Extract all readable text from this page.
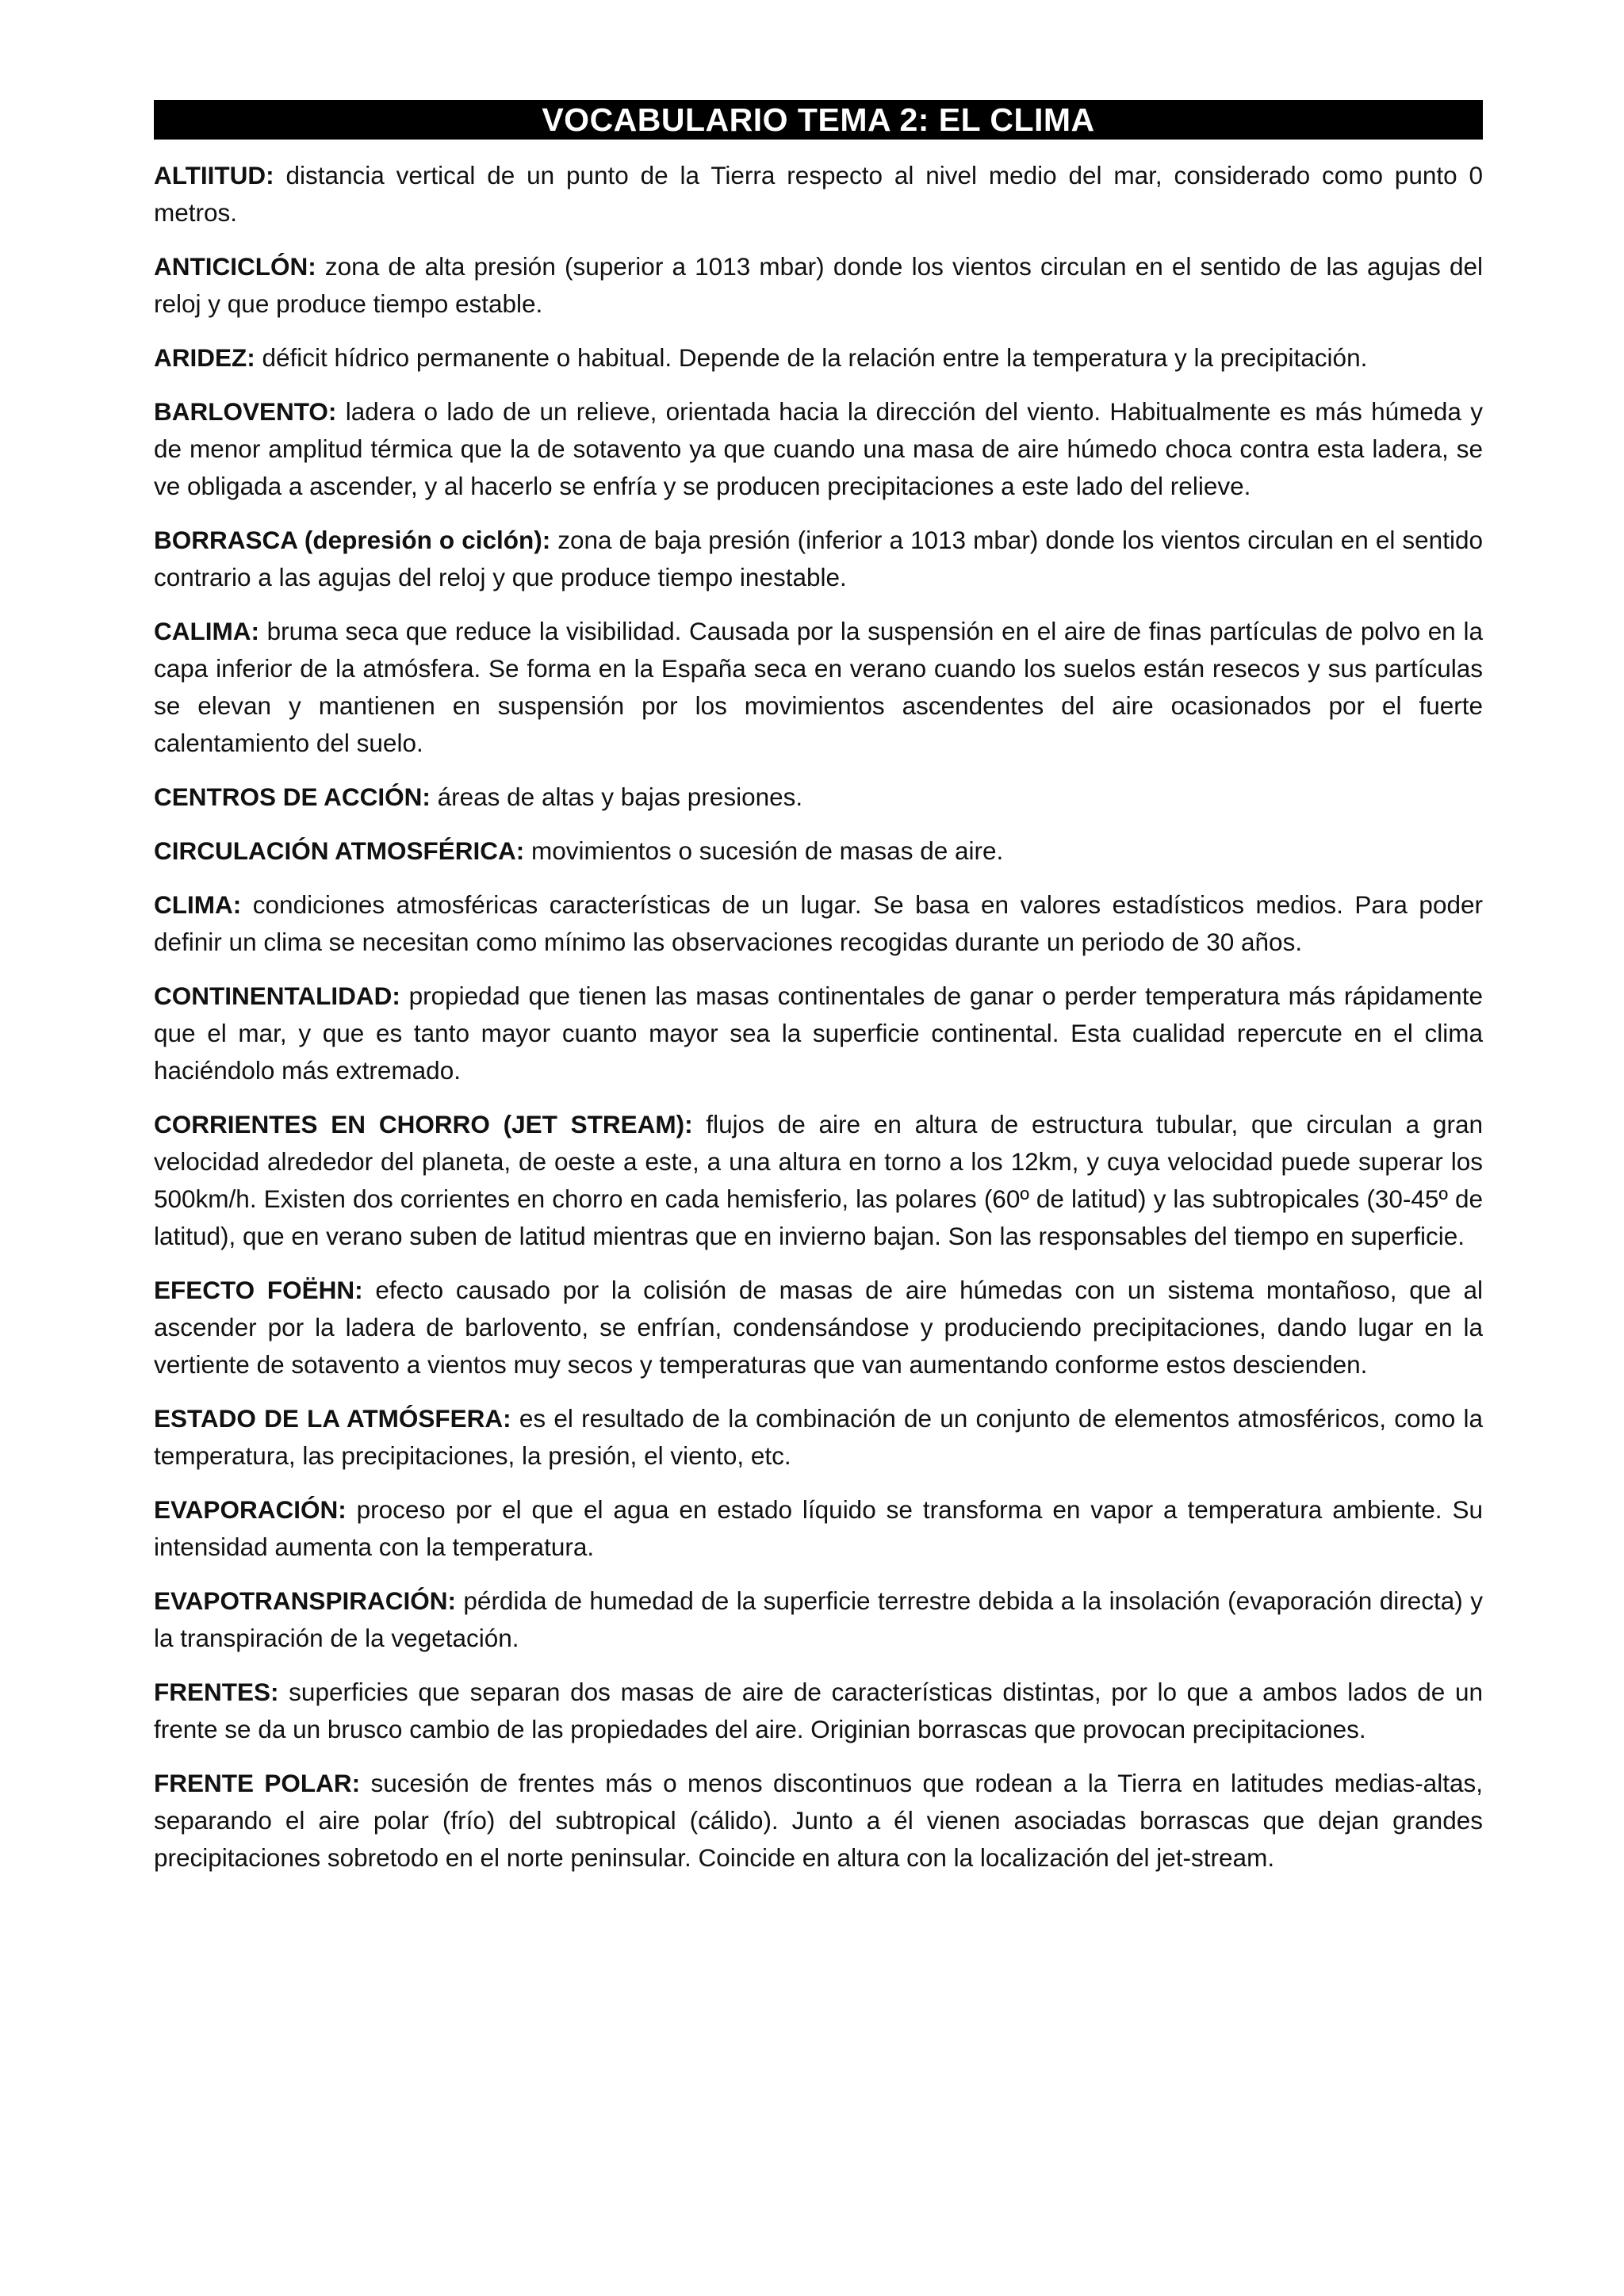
VOCABULARIO TEMA 2: EL CLIMA

ALTIITUD: distancia vertical de un punto de la Tierra respecto al nivel medio del mar, considerado como punto 0 metros.

ANTICICLÓN: zona de alta presión (superior a 1013 mbar) donde los vientos circulan en el sentido de las agujas del reloj y que produce tiempo estable.

ARIDEZ: déficit hídrico permanente o habitual. Depende de la relación entre la temperatura y la precipitación.

BARLOVENTO: ladera o lado de un relieve, orientada hacia la dirección del viento. Habitualmente es más húmeda y de menor amplitud térmica que la de sotavento ya que cuando una masa de aire húmedo choca contra esta ladera, se ve obligada a ascender, y al hacerlo se enfría y se producen precipitaciones a este lado del relieve.

BORRASCA (depresión o ciclón): zona de baja presión (inferior a 1013 mbar) donde los vientos circulan en el sentido contrario a las agujas del reloj y que produce tiempo inestable.

CALIMA: bruma seca que reduce la visibilidad. Causada por la suspensión en el aire de finas partículas de polvo en la capa inferior de la atmósfera. Se forma en la España seca en verano cuando los suelos están resecos y sus partículas se elevan y mantienen en suspensión por los movimientos ascendentes del aire ocasionados por el fuerte calentamiento del suelo.

CENTROS DE ACCIÓN: áreas de altas y bajas presiones.

CIRCULACIÓN ATMOSFÉRICA: movimientos o sucesión de masas de aire.

CLIMA: condiciones atmosféricas características de un lugar. Se basa en valores estadísticos medios. Para poder definir un clima se necesitan como mínimo las observaciones recogidas durante un periodo de 30 años.

CONTINENTALIDAD: propiedad que tienen las masas continentales de ganar o perder temperatura más rápidamente que el mar, y que es tanto mayor cuanto mayor sea la superficie continental. Esta cualidad repercute en el clima haciéndolo más extremado.

CORRIENTES EN CHORRO (JET STREAM): flujos de aire en altura de estructura tubular, que circulan a gran velocidad alrededor del planeta, de oeste a este, a una altura en torno a los 12km, y cuya velocidad puede superar los 500km/h. Existen dos corrientes en chorro en cada hemisferio, las polares (60º de latitud) y las subtropicales (30-45º de latitud), que en verano suben de latitud mientras que en invierno bajan. Son las responsables del tiempo en superficie.

EFECTO FOËHN: efecto causado por la colisión de masas de aire húmedas con un sistema montañoso, que al ascender por la ladera de barlovento, se enfrían, condensándose y produciendo precipitaciones, dando lugar en la vertiente de sotavento a vientos muy secos y temperaturas que van aumentando conforme estos descienden.

ESTADO DE LA ATMÓSFERA: es el resultado de la combinación de un conjunto de elementos atmosféricos, como la temperatura, las precipitaciones, la presión, el viento, etc.

EVAPORACIÓN: proceso por el que el agua en estado líquido se transforma en vapor a temperatura ambiente. Su intensidad aumenta con la temperatura.

EVAPOTRANSPIRACIÓN: pérdida de humedad de la superficie terrestre debida a la insolación (evaporación directa) y la transpiración de la vegetación.

FRENTES: superficies que separan dos masas de aire de características distintas, por lo que a ambos lados de un frente se da un brusco cambio de las propiedades del aire. Originian borrascas que provocan precipitaciones.

FRENTE POLAR: sucesión de frentes más o menos discontinuos que rodean a la Tierra en latitudes medias-altas, separando el aire polar (frío) del subtropical (cálido). Junto a él vienen asociadas borrascas que dejan grandes precipitaciones sobretodo en el norte peninsular. Coincide en altura con la localización del jet-stream.
